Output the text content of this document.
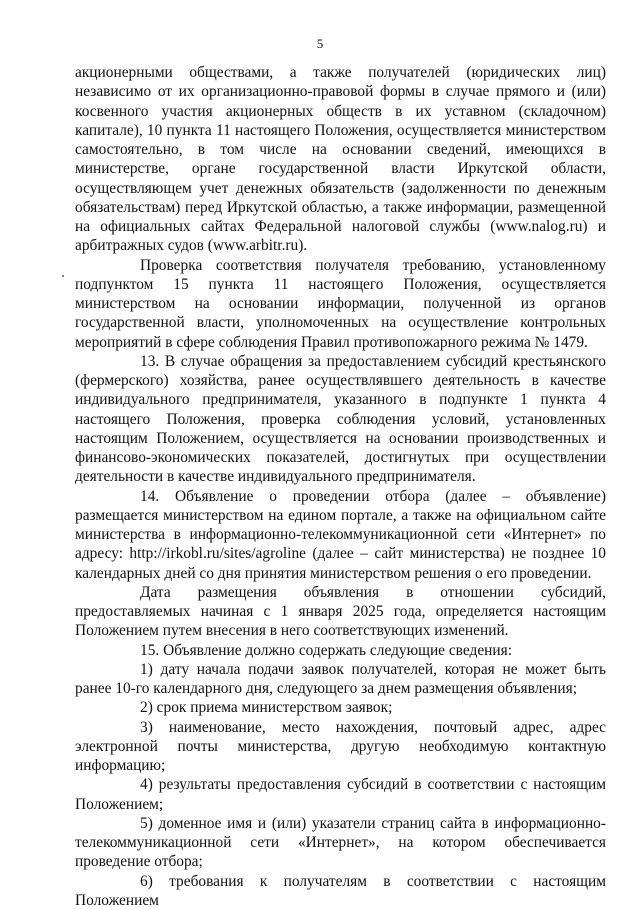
5

акционерными обществами, а также получателей (юридических лиц) независимо от их организационно-правовой формы в случае прямого и (или) косвенного участия акционерных обществ в их уставном (складочном) капитале), 10 пункта 11 настоящего Положения, осуществляется министерством самостоятельно, в том числе на основании сведений, имеющихся в министерстве, органе государственной власти Иркутской области, осуществляющем учет денежных обязательств (задолженности по денежным обязательствам) перед Иркутской областью, а также информации, размещенной на официальных сайтах Федеральной налоговой службы (www.nalog.ru) и арбитражных судов (www.arbitr.ru).

Проверка соответствия получателя требованию, установленному подпунктом 15 пункта 11 настоящего Положения, осуществляется министерством на основании информации, полученной из органов государственной власти, уполномоченных на осуществление контрольных мероприятий в сфере соблюдения Правил противопожарного режима № 1479.

13. В случае обращения за предоставлением субсидий крестьянского (фермерского) хозяйства, ранее осуществлявшего деятельность в качестве индивидуального предпринимателя, указанного в подпункте 1 пункта 4 настоящего Положения, проверка соблюдения условий, установленных настоящим Положением, осуществляется на основании производственных и финансово-экономических показателей, достигнутых при осуществлении деятельности в качестве индивидуального предпринимателя.

14. Объявление о проведении отбора (далее – объявление) размещается министерством на едином портале, а также на официальном сайте министерства в информационно-телекоммуникационной сети «Интернет» по адресу: http://irkobl.ru/sites/agroline (далее – сайт министерства) не позднее 10 календарных дней со дня принятия министерством решения о его проведении.

Дата размещения объявления в отношении субсидий, предоставляемых начиная с 1 января 2025 года, определяется настоящим Положением путем внесения в него соответствующих изменений.

15. Объявление должно содержать следующие сведения:

1) дату начала подачи заявок получателей, которая не может быть ранее 10-го календарного дня, следующего за днем размещения объявления;

2) срок приема министерством заявок;

3) наименование, место нахождения, почтовый адрес, адрес электронной почты министерства, другую необходимую контактную информацию;

4) результаты предоставления субсидий в соответствии с настоящим Положением;

5) доменное имя и (или) указатели страниц сайта в информационно-телекоммуникационной сети «Интернет», на котором обеспечивается проведение отбора;

6) требования к получателям в соответствии с настоящим Положением
